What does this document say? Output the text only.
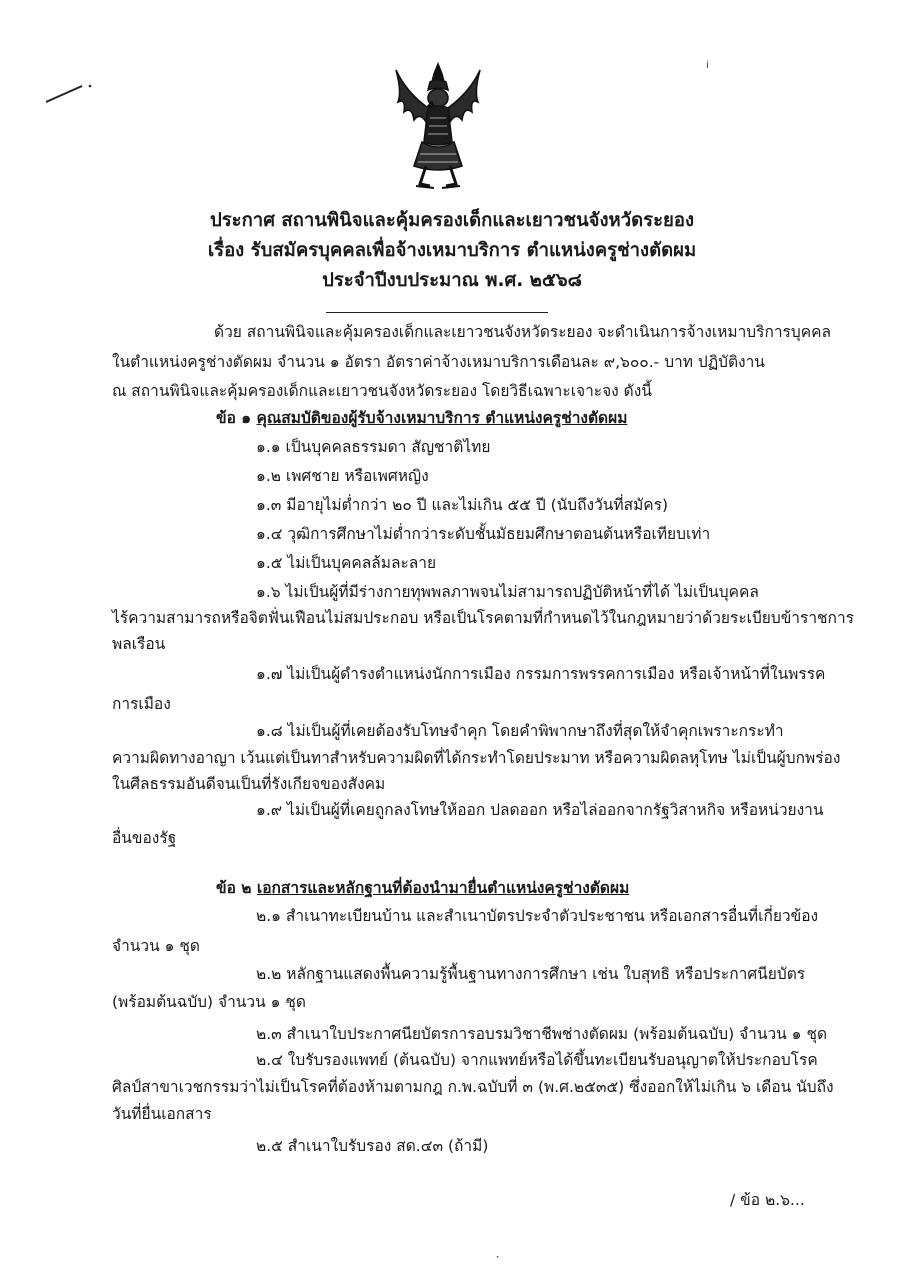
ⅰ
ประกาศ สถานพินิจและคุ้มครองเด็กและเยาวชนจังหวัดระยอง
เรื่อง รับสมัครบุคคลเพื่อจ้างเหมาบริการ ตำแหน่งครูช่างตัดผม
ประจำปีงบประมาณ พ.ศ. ๒๕๖๘
ด้วย สถานพินิจและคุ้มครองเด็กและเยาวชนจังหวัดระยอง จะดำเนินการจ้างเหมาบริการบุคคล
ในตำแหน่งครูช่างตัดผม จำนวน ๑ อัตรา อัตราค่าจ้างเหมาบริการเดือนละ ๙,๖๐๐.- บาท ปฏิบัติงาน
ณ สถานพินิจและคุ้มครองเด็กและเยาวชนจังหวัดระยอง โดยวิธีเฉพาะเจาะจง ดังนี้
ข้อ ๑ คุณสมบัติของผู้รับจ้างเหมาบริการ ตำแหน่งครูช่างตัดผม
๑.๑ เป็นบุคคลธรรมดา สัญชาติไทย
๑.๒ เพศชาย หรือเพศหญิง
๑.๓ มีอายุไม่ต่ำกว่า ๒๐ ปี และไม่เกิน ๕๕ ปี (นับถึงวันที่สมัคร)
๑.๔ วุฒิการศึกษาไม่ต่ำกว่าระดับชั้นมัธยมศึกษาตอนต้นหรือเทียบเท่า
๑.๕ ไม่เป็นบุคคลล้มละลาย
๑.๖ ไม่เป็นผู้ที่มีร่างกายทุพพลภาพจนไม่สามารถปฏิบัติหน้าที่ได้ ไม่เป็นบุคคล
ไร้ความสามารถหรือจิตฟั่นเฟือนไม่สมประกอบ หรือเป็นโรคตามที่กำหนดไว้ในกฎหมายว่าด้วยระเบียบข้าราชการ
พลเรือน
๑.๗ ไม่เป็นผู้ดำรงตำแหน่งนักการเมือง กรรมการพรรคการเมือง หรือเจ้าหน้าที่ในพรรค
การเมือง
๑.๘ ไม่เป็นผู้ที่เคยต้องรับโทษจำคุก โดยคำพิพากษาถึงที่สุดให้จำคุกเพราะกระทำ
ความผิดทางอาญา เว้นแต่เป็นทาสำหรับความผิดที่ได้กระทำโดยประมาท หรือความผิดลหุโทษ ไม่เป็นผู้บกพร่อง
ในศีลธรรมอันดีจนเป็นที่รังเกียจของสังคม
๑.๙ ไม่เป็นผู้ที่เคยถูกลงโทษให้ออก ปลดออก หรือไล่ออกจากรัฐวิสาหกิจ หรือหน่วยงาน
อื่นของรัฐ
ข้อ ๒ เอกสารและหลักฐานที่ต้องนำมายื่นตำแหน่งครูช่างตัดผม
๒.๑ สำเนาทะเบียนบ้าน และสำเนาบัตรประจำตัวประชาชน หรือเอกสารอื่นที่เกี่ยวข้อง
จำนวน ๑ ชุด
๒.๒ หลักฐานแสดงพื้นความรู้พื้นฐานทางการศึกษา เช่น ใบสุทธิ หรือประกาศนียบัตร
(พร้อมต้นฉบับ) จำนวน ๑ ชุด
๒.๓ สำเนาใบประกาศนียบัตรการอบรมวิชาชีพช่างตัดผม (พร้อมต้นฉบับ) จำนวน ๑ ชุด
๒.๔ ใบรับรองแพทย์ (ต้นฉบับ) จากแพทย์หรือได้ขึ้นทะเบียนรับอนุญาตให้ประกอบโรค
ศิลป์สาขาเวชกรรมว่าไม่เป็นโรคที่ต้องห้ามตามกฎ ก.พ.ฉบับที่ ๓ (พ.ศ.๒๕๓๕) ซึ่งออกให้ไม่เกิน ๖ เดือน นับถึง
วันที่ยื่นเอกสาร
๒.๕ สำเนาใบรับรอง สด.๔๓ (ถ้ามี)
/ ข้อ ๒.๖...
⸱
